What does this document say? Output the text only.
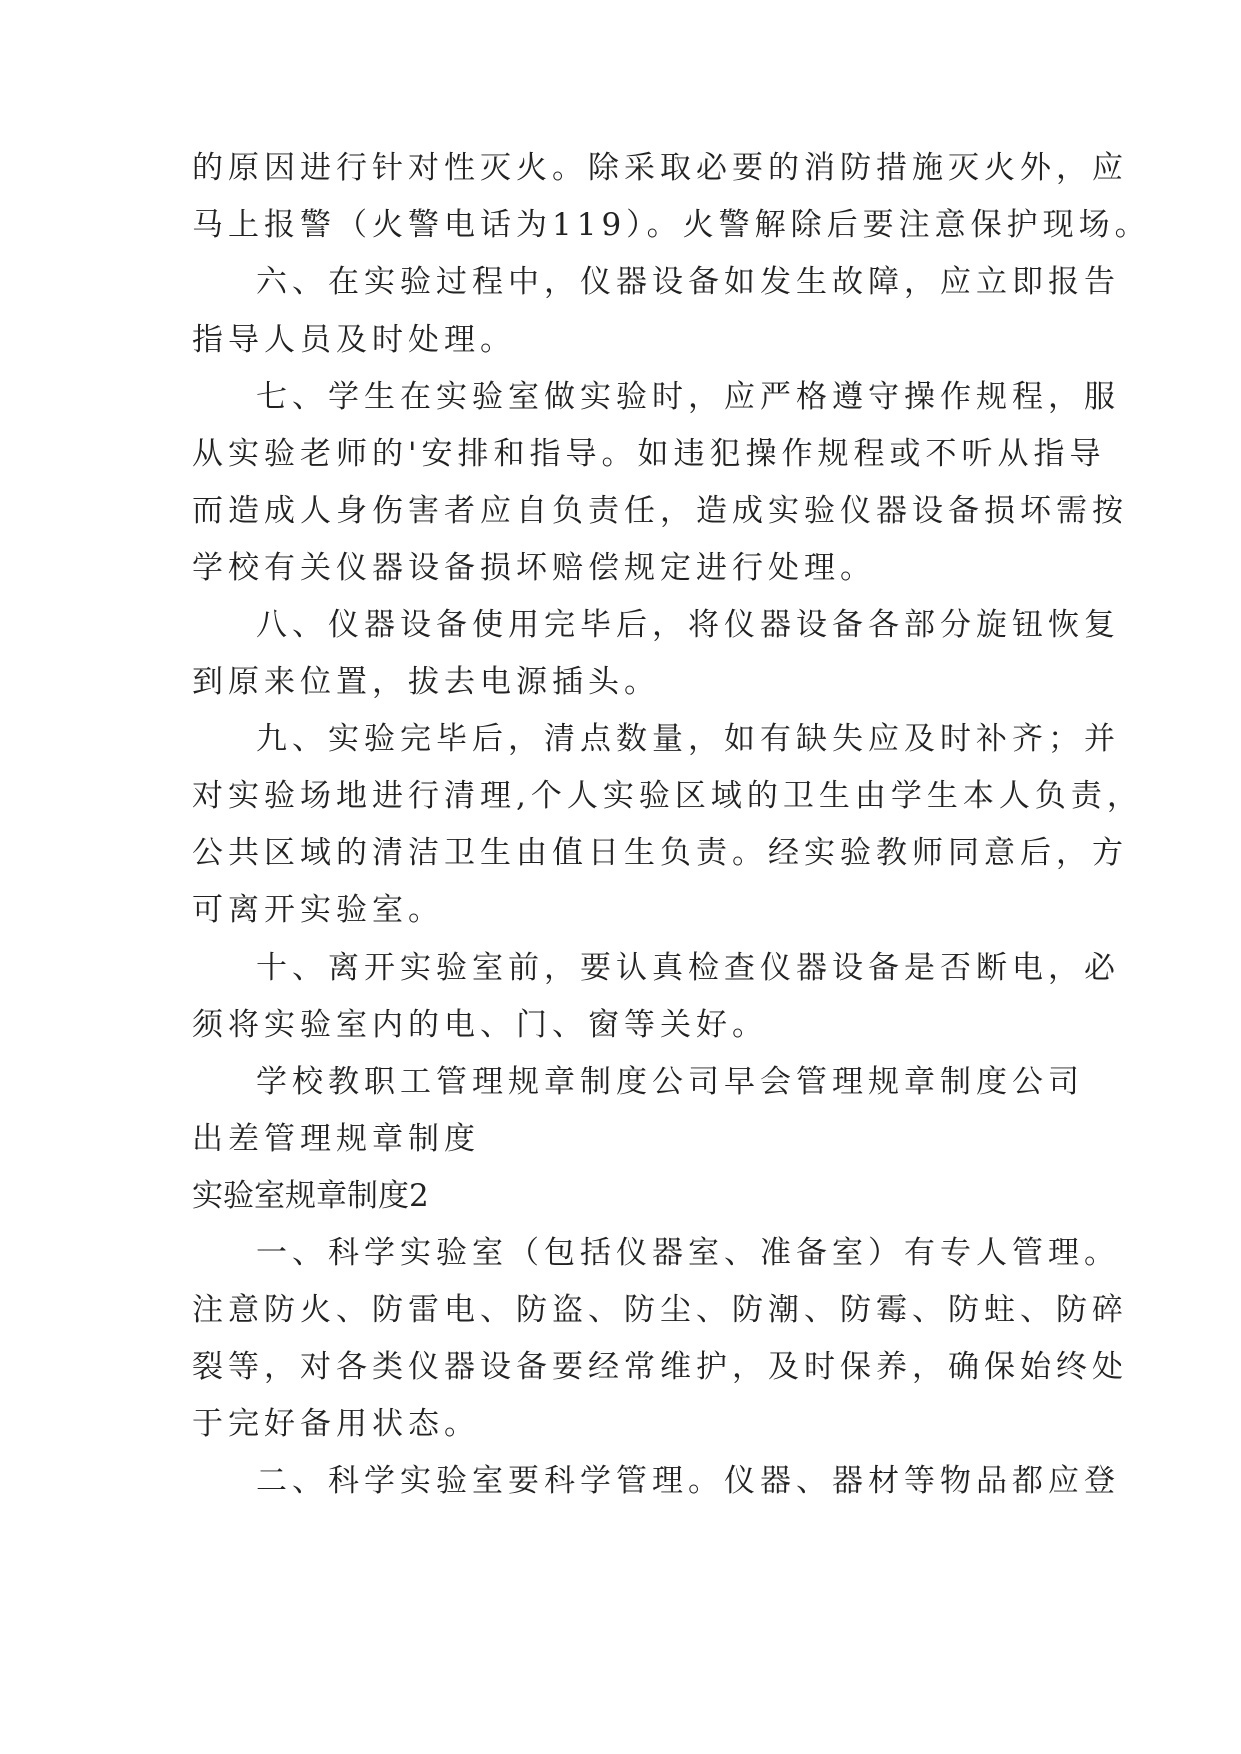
的原因进行针对性灭火。除采取必要的消防措施灭火外，应
马上报警（火警电话为119）。火警解除后要注意保护现场。
六、在实验过程中，仪器设备如发生故障，应立即报告
指导人员及时处理。
七、学生在实验室做实验时，应严格遵守操作规程，服
从实验老师的'安排和指导。如违犯操作规程或不听从指导
而造成人身伤害者应自负责任，造成实验仪器设备损坏需按
学校有关仪器设备损坏赔偿规定进行处理。
八、仪器设备使用完毕后，将仪器设备各部分旋钮恢复
到原来位置，拔去电源插头。
九、实验完毕后，清点数量，如有缺失应及时补齐；并
对实验场地进行清理,个人实验区域的卫生由学生本人负责，
公共区域的清洁卫生由值日生负责。经实验教师同意后，方
可离开实验室。
十、离开实验室前，要认真检查仪器设备是否断电，必
须将实验室内的电、门、窗等关好。
学校教职工管理规章制度公司早会管理规章制度公司
出差管理规章制度
实验室规章制度2
一、科学实验室（包括仪器室、准备室）有专人管理。
注意防火、防雷电、防盗、防尘、防潮、防霉、防蛀、防碎
裂等，对各类仪器设备要经常维护，及时保养，确保始终处
于完好备用状态。
二、科学实验室要科学管理。仪器、器材等物品都应登
